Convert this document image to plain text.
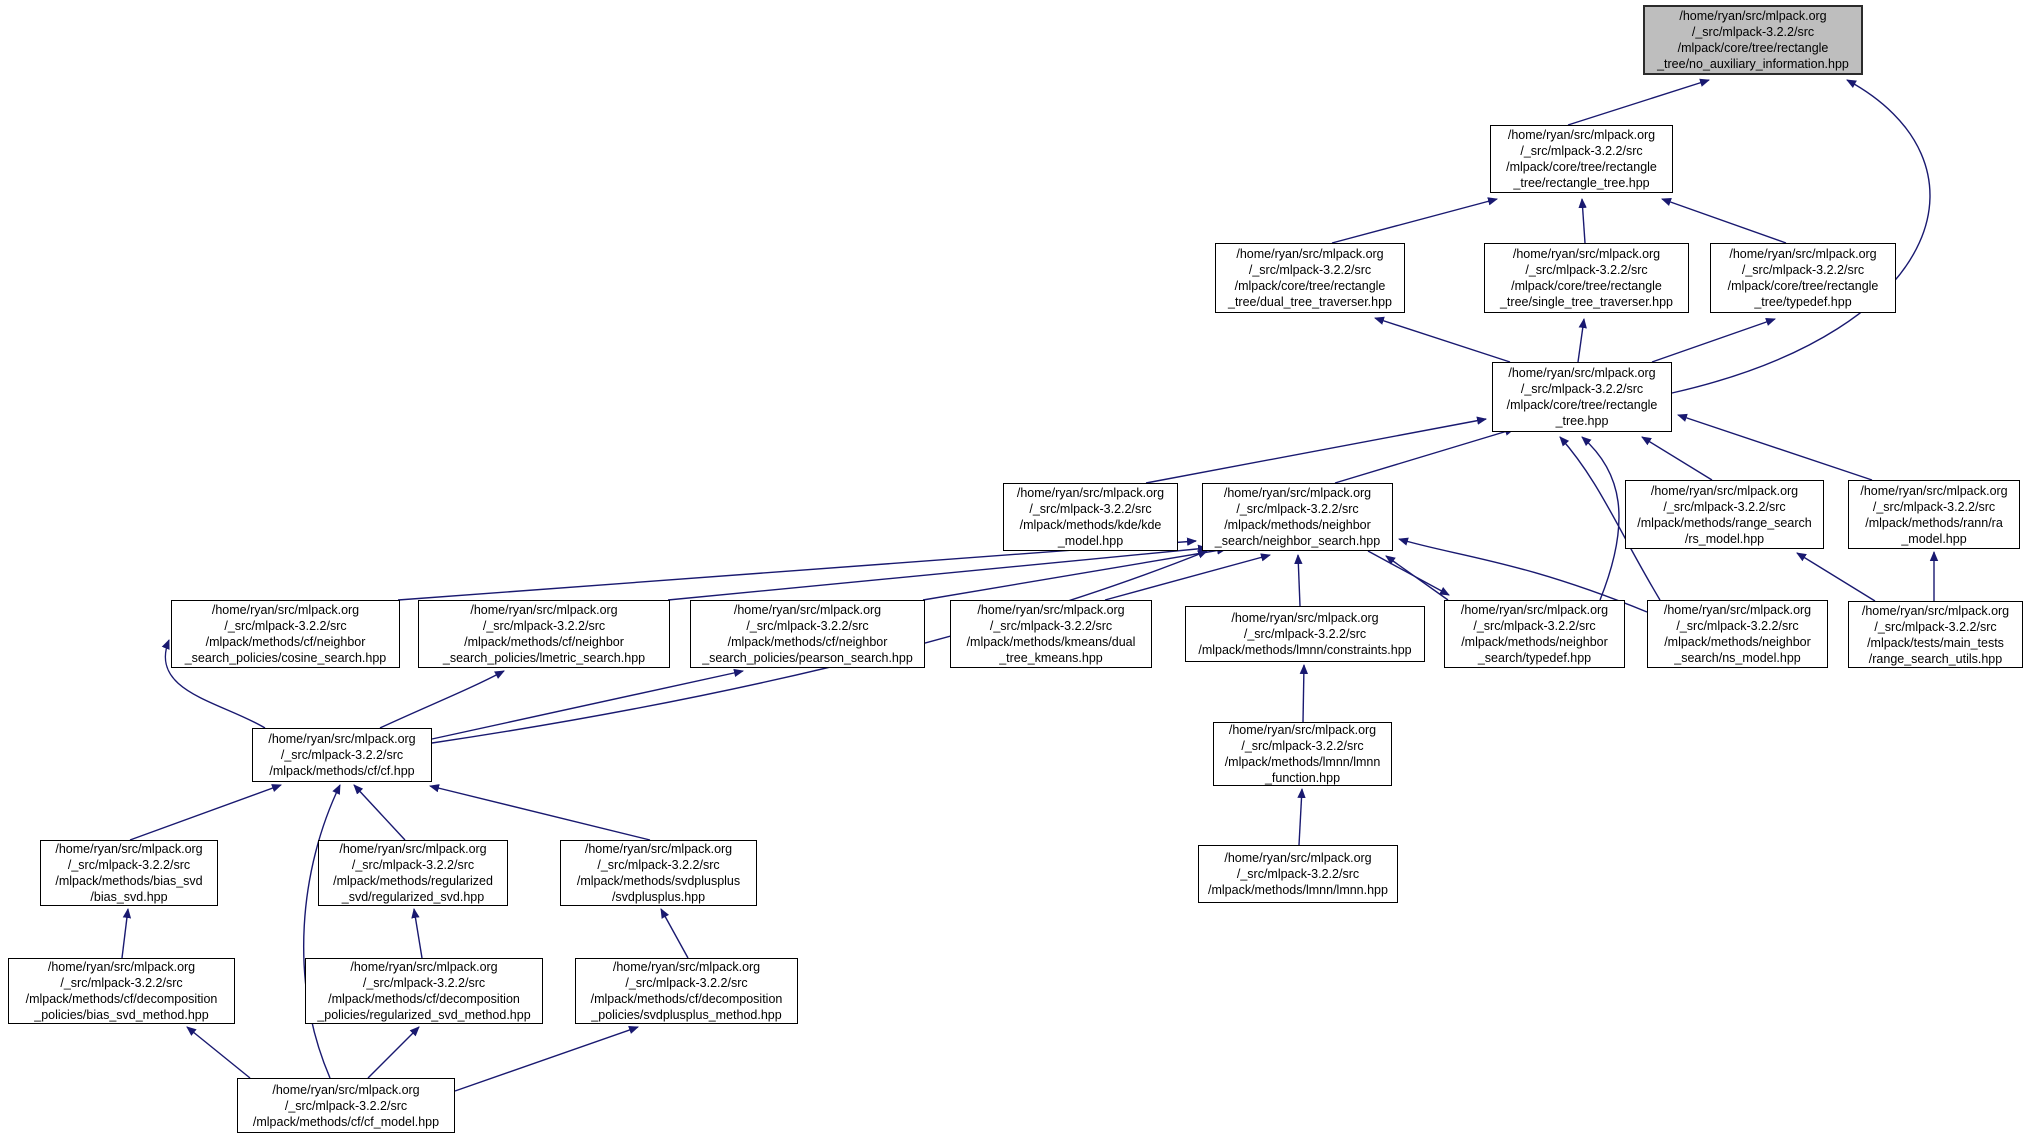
/home/ryan/src/mlpack.org
/_src/mlpack-3.2.2/src
/mlpack/core/tree/rectangle
_tree/no_auxiliary_information.hpp
/home/ryan/src/mlpack.org
/_src/mlpack-3.2.2/src
/mlpack/core/tree/rectangle
_tree/rectangle_tree.hpp
/home/ryan/src/mlpack.org
/_src/mlpack-3.2.2/src
/mlpack/core/tree/rectangle
_tree/dual_tree_traverser.hpp
/home/ryan/src/mlpack.org
/_src/mlpack-3.2.2/src
/mlpack/core/tree/rectangle
_tree/single_tree_traverser.hpp
/home/ryan/src/mlpack.org
/_src/mlpack-3.2.2/src
/mlpack/core/tree/rectangle
_tree/typedef.hpp
/home/ryan/src/mlpack.org
/_src/mlpack-3.2.2/src
/mlpack/core/tree/rectangle
_tree.hpp
/home/ryan/src/mlpack.org
/_src/mlpack-3.2.2/src
/mlpack/methods/kde/kde
_model.hpp
/home/ryan/src/mlpack.org
/_src/mlpack-3.2.2/src
/mlpack/methods/neighbor
_search/neighbor_search.hpp
/home/ryan/src/mlpack.org
/_src/mlpack-3.2.2/src
/mlpack/methods/range_search
/rs_model.hpp
/home/ryan/src/mlpack.org
/_src/mlpack-3.2.2/src
/mlpack/methods/rann/ra
_model.hpp
/home/ryan/src/mlpack.org
/_src/mlpack-3.2.2/src
/mlpack/methods/cf/neighbor
_search_policies/cosine_search.hpp
/home/ryan/src/mlpack.org
/_src/mlpack-3.2.2/src
/mlpack/methods/cf/neighbor
_search_policies/lmetric_search.hpp
/home/ryan/src/mlpack.org
/_src/mlpack-3.2.2/src
/mlpack/methods/cf/neighbor
_search_policies/pearson_search.hpp
/home/ryan/src/mlpack.org
/_src/mlpack-3.2.2/src
/mlpack/methods/kmeans/dual
_tree_kmeans.hpp
/home/ryan/src/mlpack.org
/_src/mlpack-3.2.2/src
/mlpack/methods/lmnn/constraints.hpp
/home/ryan/src/mlpack.org
/_src/mlpack-3.2.2/src
/mlpack/methods/neighbor
_search/typedef.hpp
/home/ryan/src/mlpack.org
/_src/mlpack-3.2.2/src
/mlpack/methods/neighbor
_search/ns_model.hpp
/home/ryan/src/mlpack.org
/_src/mlpack-3.2.2/src
/mlpack/tests/main_tests
/range_search_utils.hpp
/home/ryan/src/mlpack.org
/_src/mlpack-3.2.2/src
/mlpack/methods/cf/cf.hpp
/home/ryan/src/mlpack.org
/_src/mlpack-3.2.2/src
/mlpack/methods/lmnn/lmnn
_function.hpp
/home/ryan/src/mlpack.org
/_src/mlpack-3.2.2/src
/mlpack/methods/bias_svd
/bias_svd.hpp
/home/ryan/src/mlpack.org
/_src/mlpack-3.2.2/src
/mlpack/methods/regularized
_svd/regularized_svd.hpp
/home/ryan/src/mlpack.org
/_src/mlpack-3.2.2/src
/mlpack/methods/svdplusplus
/svdplusplus.hpp
/home/ryan/src/mlpack.org
/_src/mlpack-3.2.2/src
/mlpack/methods/lmnn/lmnn.hpp
/home/ryan/src/mlpack.org
/_src/mlpack-3.2.2/src
/mlpack/methods/cf/decomposition
_policies/bias_svd_method.hpp
/home/ryan/src/mlpack.org
/_src/mlpack-3.2.2/src
/mlpack/methods/cf/decomposition
_policies/regularized_svd_method.hpp
/home/ryan/src/mlpack.org
/_src/mlpack-3.2.2/src
/mlpack/methods/cf/decomposition
_policies/svdplusplus_method.hpp
/home/ryan/src/mlpack.org
/_src/mlpack-3.2.2/src
/mlpack/methods/cf/cf_model.hpp
